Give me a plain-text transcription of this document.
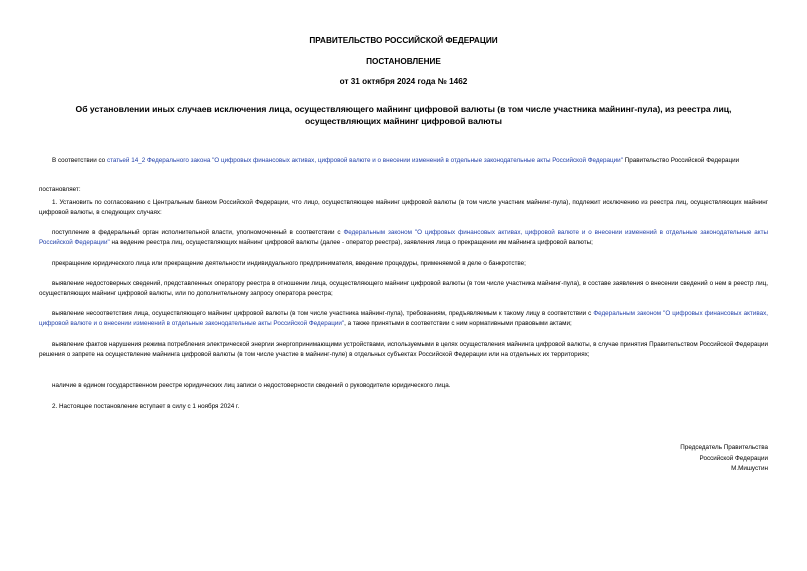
ПРАВИТЕЛЬСТВО РОССИЙСКОЙ ФЕДЕРАЦИИ
ПОСТАНОВЛЕНИЕ
от 31 октября 2024 года № 1462
Об установлении иных случаев исключения лица, осуществляющего майнинг цифровой валюты (в том числе участника майнинг-пула), из реестра лиц, осуществляющих майнинг цифровой валюты
В соответствии со статьей 14_2 Федерального закона "О цифровых финансовых активах, цифровой валюте и о внесении изменений в отдельные законодательные акты Российской Федерации" Правительство Российской Федерации
постановляет:
1. Установить по согласованию с Центральным банком Российской Федерации, что лицо, осуществляющее майнинг цифровой валюты (в том числе участник майнинг-пула), подлежит исключению из реестра лиц, осуществляющих майнинг цифровой валюты, в следующих случаях:
поступление в федеральный орган исполнительной власти, уполномоченный в соответствии с Федеральным законом "О цифровых финансовых активах, цифровой валюте и о внесении изменений в отдельные законодательные акты Российской Федерации" на ведение реестра лиц, осуществляющих майнинг цифровой валюты (далее - оператор реестра), заявления лица о прекращении им майнинга цифровой валюты;
прекращение юридического лица или прекращение деятельности индивидуального предпринимателя, введение процедуры, применяемой в деле о банкротстве;
выявление недостоверных сведений, представленных оператору реестра в отношении лица, осуществляющего майнинг цифровой валюты (в том числе участника майнинг-пула), в составе заявления о внесении сведений о нем в реестр лиц, осуществляющих майнинг цифровой валюты, или по дополнительному запросу оператора реестра;
выявление несоответствия лица, осуществляющего майнинг цифровой валюты (в том числе участника майнинг-пула), требованиям, предъявляемым к такому лицу в соответствии с Федеральным законом "О цифровых финансовых активах, цифровой валюте и о внесении изменений в отдельные законодательные акты Российской Федерации", а также принятыми в соответствии с ним нормативными правовыми актами;
выявление фактов нарушения режима потребления электрической энергии энергопринимающими устройствами, используемыми в целях осуществления майнинга цифровой валюты, в случае принятия Правительством Российской Федерации решения о запрете на осуществление майнинга цифровой валюты (в том числе участие в майнинг-пуле) в отдельных субъектах Российской Федерации или на отдельных их территориях;
наличие в едином государственном реестре юридических лиц записи о недостоверности сведений о руководителе юридического лица.
2. Настоящее постановление вступает в силу с 1 ноября 2024 г.
Председатель Правительства
Российской Федерации
М.Мишустин
